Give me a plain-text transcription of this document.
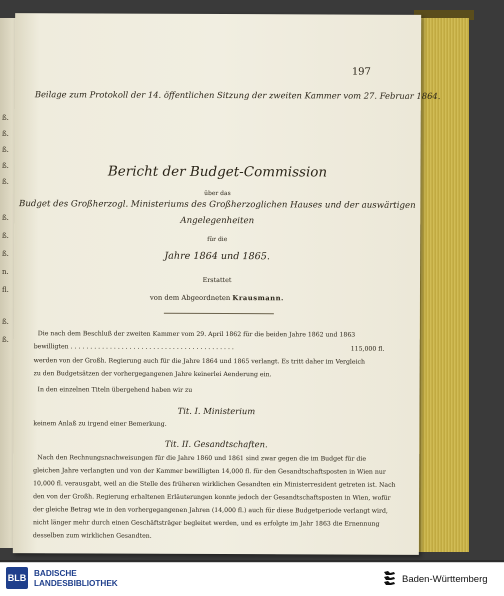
ß.
ß.
ß.
ß.
ß.
ß.
ß.
ß.
n.
fl.
ß.
ß.
197
Beilage zum Protokoll der 14. öffentlichen Sitzung der zweiten Kammer vom 27. Februar 1864.
Bericht der Budget-Commission
über das
Budget des Großherzogl. Ministeriums des Großherzoglichen Hauses und der auswärtigen
Angelegenheiten
für die
Jahre 1864 und 1865.
Erstattet
von dem Abgeordneten Krausmann.
Die nach dem Beschluß der zweiten Kammer vom 29. April 1862 für die beiden Jahre 1862 und 1863
bewilligten . . . . . . . . . . . . . . . . . . . . . . . . . . . . . . . . . . . . . . . . . .	115,000 fl.
werden von der Großh. Regierung auch für die Jahre 1864 und 1865 verlangt. Es tritt daher im Vergleich
zu den Budgetsätzen der vorhergegangenen Jahre keinerlei Aenderung ein.
In den einzelnen Titeln übergehend haben wir zu
Tit. I. Ministerium
keinem Anlaß zu irgend einer Bemerkung.
Tit. II. Gesandtschaften.
Nach den Rechnungsnachweisungen für die Jahre 1860 und 1861 sind zwar gegen die im Budget für die
gleichen Jahre verlangten und von der Kammer bewilligten 14,000 fl. für den Gesandtschaftsposten in Wien nur
10,000 fl. verausgabt, weil an die Stelle des früheren wirklichen Gesandten ein Ministerresident getreten ist. Nach
den von der Großh. Regierung erhaltenen Erläuterungen konnte jedoch der Gesandtschaftsposten in Wien, wofür
der gleiche Betrag wie in den vorhergegangenen Jahren (14,000 fl.) auch für diese Budgetperiode verlangt wird,
nicht länger mehr durch einen Geschäftsträger begleitet werden, und es erfolgte im Jahr 1863 die Ernennung
desselben zum wirklichen Gesandten.
BLB BADISCHE
LANDESBIBLIOTHEK	Baden-Württemberg
